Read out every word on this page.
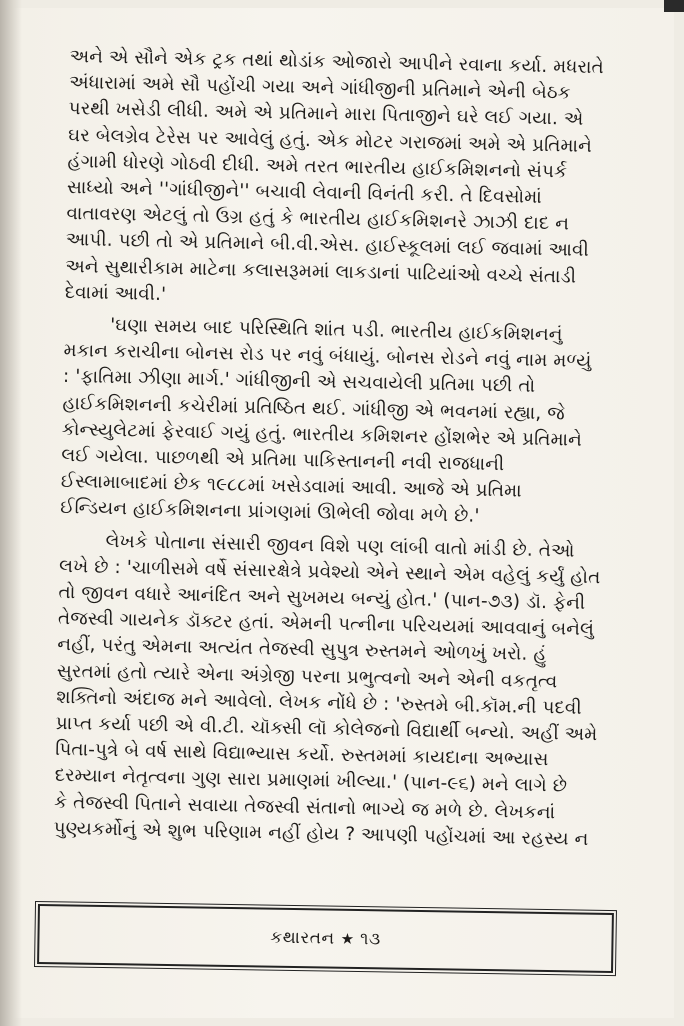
અને એ સૌને એક ટ્રક તથાં થોડાંક ઓજારો આપીને રવાના કર્યા. મધરાતે
અંધારામાં અમે સૌ પહોંચી ગયા અને ગાંધીજીની પ્રતિમાને એની બેઠક
પરથી ખસેડી લીધી. અમે એ પ્રતિમાને મારા પિતાજીને ઘરે લઈ ગયા. એ
ઘર બેલગ્રેવ ટેરેસ પર આવેલું હતું. એક મોટર ગરાજમાં અમે એ પ્રતિમાને
હંગામી ધોરણે ગોઠવી દીધી. અમે તરત ભારતીય હાઈકમિશનનો સંપર્ક
સાધ્યો અને ''ગાંધીજીને'' બચાવી લેવાની વિનંતી કરી. તે દિવસોમાં
વાતાવરણ એટલું તો ઉગ્ર હતું કે ભારતીય હાઈકમિશનરે ઝાઝી દાદ ન
આપી. પછી તો એ પ્રતિમાને બી.વી.એસ. હાઈસ્કૂલમાં લઈ જવામાં આવી
અને સુથારીકામ માટેના કલાસરૂમમાં લાકડાનાં પાટિયાંઓ વચ્ચે સંતાડી
દેવામાં આવી.'
'ઘણા સમય બાદ પરિસ્થિતિ શાંત પડી. ભારતીય હાઈકમિશનનું
મકાન કરાચીના બોનસ રોડ પર નવું બંધાયું. બોનસ રોડને નવું નામ મળ્યું
: 'ફાતિમા ઝીણા માર્ગ.' ગાંધીજીની એ સચવાયેલી પ્રતિમા પછી તો
હાઈકમિશનની કચેરીમાં પ્રતિષ્ઠિત થઈ. ગાંધીજી એ ભવનમાં રહ્યા, જે
કોન્સ્યુલેટમાં ફેરવાઈ ગયું હતું. ભારતીય કમિશનર હોંશભેર એ પ્રતિમાને
લઈ ગયેલા. પાછળથી એ પ્રતિમા પાકિસ્તાનની નવી રાજધાની
ઈસ્લામાબાદમાં છેક ૧૯૮૮માં ખસેડવામાં આવી. આજે એ પ્રતિમા
ઈન્ડિયન હાઈકમિશનના પ્રાંગણમાં ઊભેલી જોવા મળે છે.'
લેખકે પોતાના સંસારી જીવન વિશે પણ લાંબી વાતો માંડી છે. તેઓ
લખે છે : 'ચાળીસમે વર્ષે સંસારક્ષેત્રે પ્રવેશ્યો એને સ્થાને એમ વહેલું કર્યું હોત
તો જીવન વધારે આનંદિત અને સુખમય બન્યું હોત.' (પાન-૭૩) ડૉ. ફેની
તેજસ્વી ગાયનેક ડૉક્ટર હતાં. એમની પત્નીના પરિચયમાં આવવાનું બનેલું
નહીં, પરંતુ એમના અત્યંત તેજસ્વી સુપુત્ર રુસ્તમને ઓળખું ખરો. હું
સુરતમાં હતો ત્યારે એના અંગ્રેજી પરના પ્રભુત્વનો અને એની વકતૃત્વ
શક્તિનો અંદાજ મને આવેલો. લેખક નોંધે છે : 'રુસ્તમે બી.કૉમ.ની પદવી
પ્રાપ્ત કર્યા પછી એ વી.ટી. ચૉક્સી લૉ કોલેજનો વિદ્યાર્થી બન્યો. અહીં અમે
પિતા-પુત્રે બે વર્ષ સાથે વિદ્યાભ્યાસ કર્યો. રુસ્તમમાં કાયદાના અભ્યાસ
દરમ્યાન નેતૃત્વના ગુણ સારા પ્રમાણમાં ખીલ્યા.' (પાન-૯૬) મને લાગે છે
કે તેજસ્વી પિતાને સવાયા તેજસ્વી સંતાનો ભાગ્યે જ મળે છે. લેખકનાં
પુણ્યકર્મોનું એ શુભ પરિણામ નહીં હોય ? આપણી પહોંચમાં આ રહસ્ય ન
કથારતન ★ ૧૩
